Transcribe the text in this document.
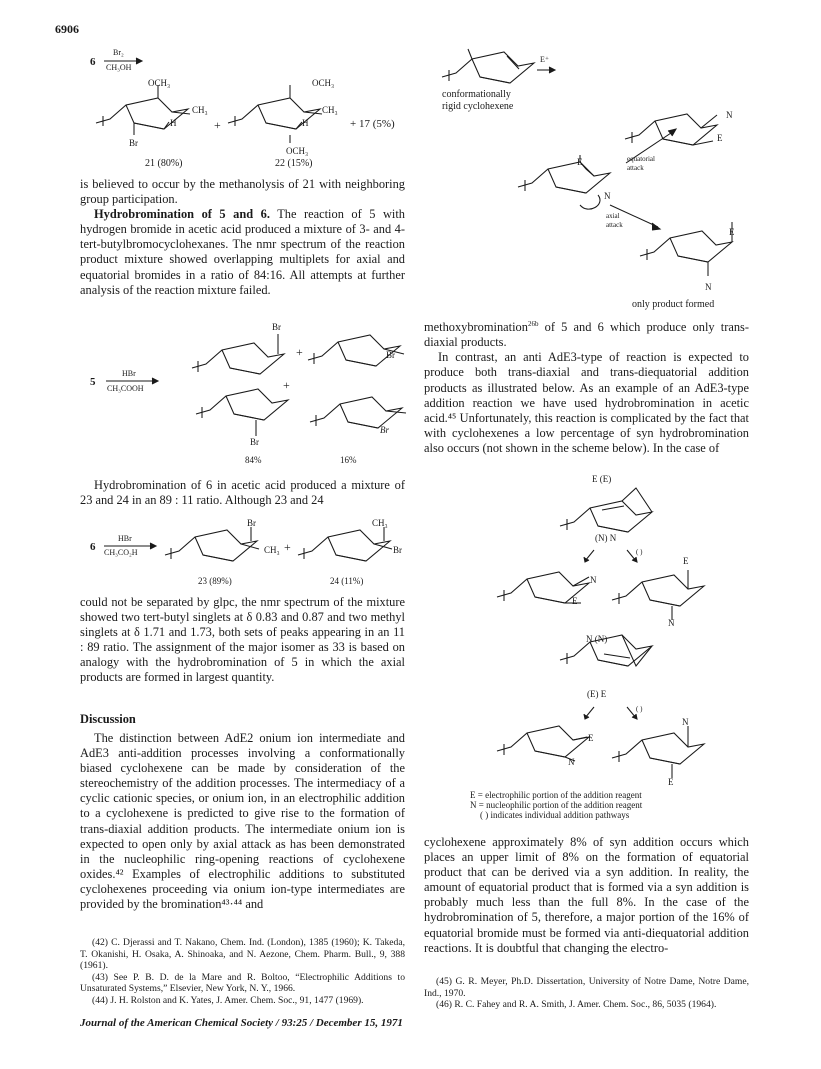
6906
6
Br₂
CH₃OH
OCH₃
CH₃
H
Br
+
OCH₃
CH₃
H
OCH₃
+ 17 (5%)
21 (80%)	22 (15%)

is believed to occur by the methanolysis of 21 with neighboring group participation.

Hydrobromination of 5 and 6. The reaction of 5 with hydrogen bromide in acetic acid produced a mixture of 3- and 4-tert-butylbromocyclohexanes. The nmr spectrum of the reaction product mixture showed overlapping multiplets for axial and equatorial bromides in a ratio of 84:16. All attempts at further analysis of the reaction mixture failed.

5
HBr
CH₃COOH
Br
+	Br
+
Br
Br
84%	16%

Hydrobromination of 6 in acetic acid produced a mixture of 23 and 24 in an 89 : 11 ratio. Although 23 and 24

6
HBr
CH₃CO₂H
Br
CH₃ +
CH₃
Br
23 (89%)	24 (11%)

could not be separated by glpc, the nmr spectrum of the mixture showed two tert-butyl singlets at δ 0.83 and 0.87 and two methyl singlets at δ 1.71 and 1.73, both sets of peaks appearing in an 11 : 89 ratio. The assignment of the major isomer as 33 is based on analogy with the hydrobromination of 5 in which the axial products are formed in largest quantity.

Discussion

The distinction between AdE2 onium ion intermediate and AdE3 anti-addition processes involving a conformationally biased cyclohexene can be made by consideration of the stereochemistry of the addition processes. The intermediacy of a cyclic cationic species, or onium ion, in an electrophilic addition to a cyclohexene is predicted to give rise to the formation of trans-diaxial addition products. The intermediate onium ion is expected to open only by axial attack as has been demonstrated in the nucleophilic ring-opening reactions of cyclohexene oxides.⁴² Examples of electrophilic additions to substituted cyclohexenes proceeding via onium ion-type intermediates are provided by the bromination⁴³·⁴⁴ and

(42) C. Djerassi and T. Nakano, Chem. Ind. (London), 1385 (1960); K. Takeda, T. Okanishi, H. Osaka, A. Shinoaka, and N. Aezone, Chem. Pharm. Bull., 9, 388 (1961).
(43) See P. B. D. de la Mare and R. Boltoo, “Electrophilic Additions to Unsaturated Systems,” Elsevier, New York, N. Y., 1966.
(44) J. H. Rolston and K. Yates, J. Amer. Chem. Soc., 91, 1477 (1969).
E⁺
conformationally
rigid cyclohexene
N
E
E
N
equatorial
attack
axial
attack
E
N
only product formed

methoxybromination$^{26b}$ of 5 and 6 which produce only trans-diaxial products.

In contrast, an anti AdE3-type of reaction is expected to produce both trans-diaxial and trans-diequatorial addition products as illustrated below. As an example of an AdE3-type addition reaction we have used hydrobromination in acetic acid.⁴⁵ Unfortunately, this reaction is complicated by the fact that with cyclohexenes a low percentage of syn hydrobromination also occurs (not shown in the scheme below). In the case of

E (E)
(N) N
( )
N
E
E
N
N (N)
(E) E
( )
E
N
N
E
E = electrophilic portion of the addition reagent
N = nucleophilic portion of the addition reagent
( ) indicates individual addition pathways

cyclohexene approximately 8% of syn addition occurs which places an upper limit of 8% on the formation of equatorial product that can be derived via a syn addition. In reality, the amount of equatorial product that is formed via a syn addition is probably much less than the full 8%. In the case of the hydrobromination of 5, therefore, a major portion of the 16% of equatorial bromide must be formed via anti-diequatorial addition reactions. It is doubtful that changing the electro-

(45) G. R. Meyer, Ph.D. Dissertation, University of Notre Dame, Notre Dame, Ind., 1970.
(46) R. C. Fahey and R. A. Smith, J. Amer. Chem. Soc., 86, 5035 (1964).
Journal of the American Chemical Society / 93:25 / December 15, 1971
